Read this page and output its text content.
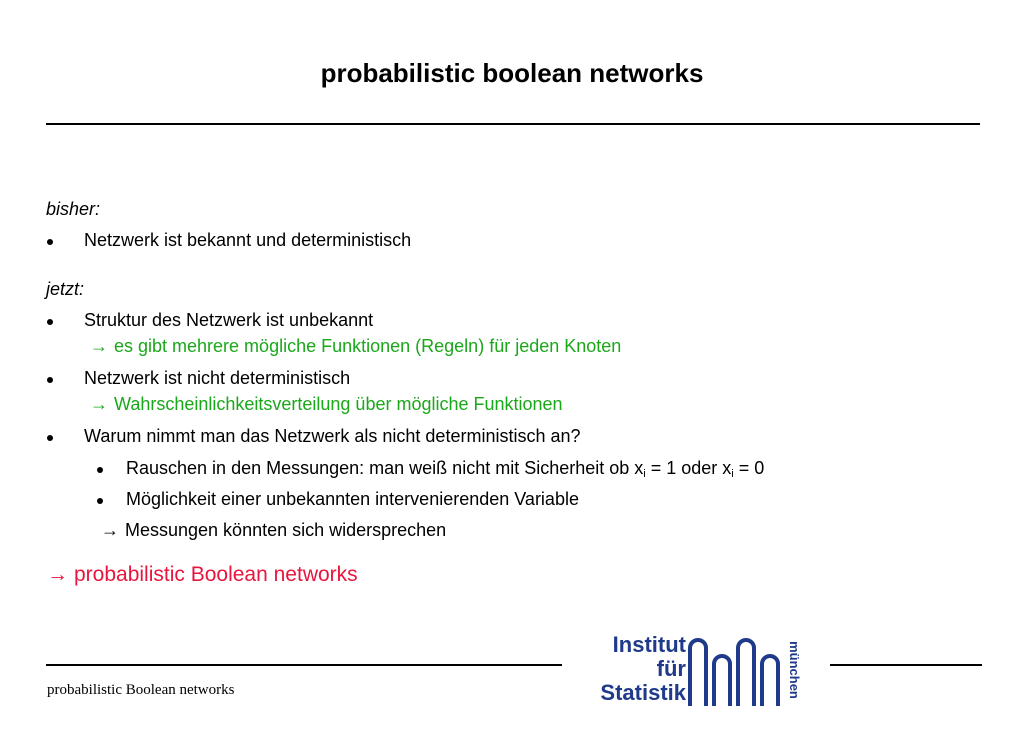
probabilistic boolean networks
bisher:
Netzwerk ist bekannt und deterministisch
jetzt:
Struktur des Netzwerk ist unbekannt
→ es gibt mehrere mögliche Funktionen (Regeln) für jeden Knoten
Netzwerk ist nicht deterministisch
→ Wahrscheinlichkeitsverteilung über mögliche Funktionen
Warum nimmt man das Netzwerk als nicht deterministisch an?
Rauschen in den Messungen: man weiß nicht mit Sicherheit ob $x_i = 1$ oder $x_i = 0$
Möglichkeit einer unbekannten intervenierenden Variable
→ Messungen könnten sich widersprechen
→ probabilistic Boolean networks
probabilistic Boolean networks
Institut
für
Statistik	münchen
